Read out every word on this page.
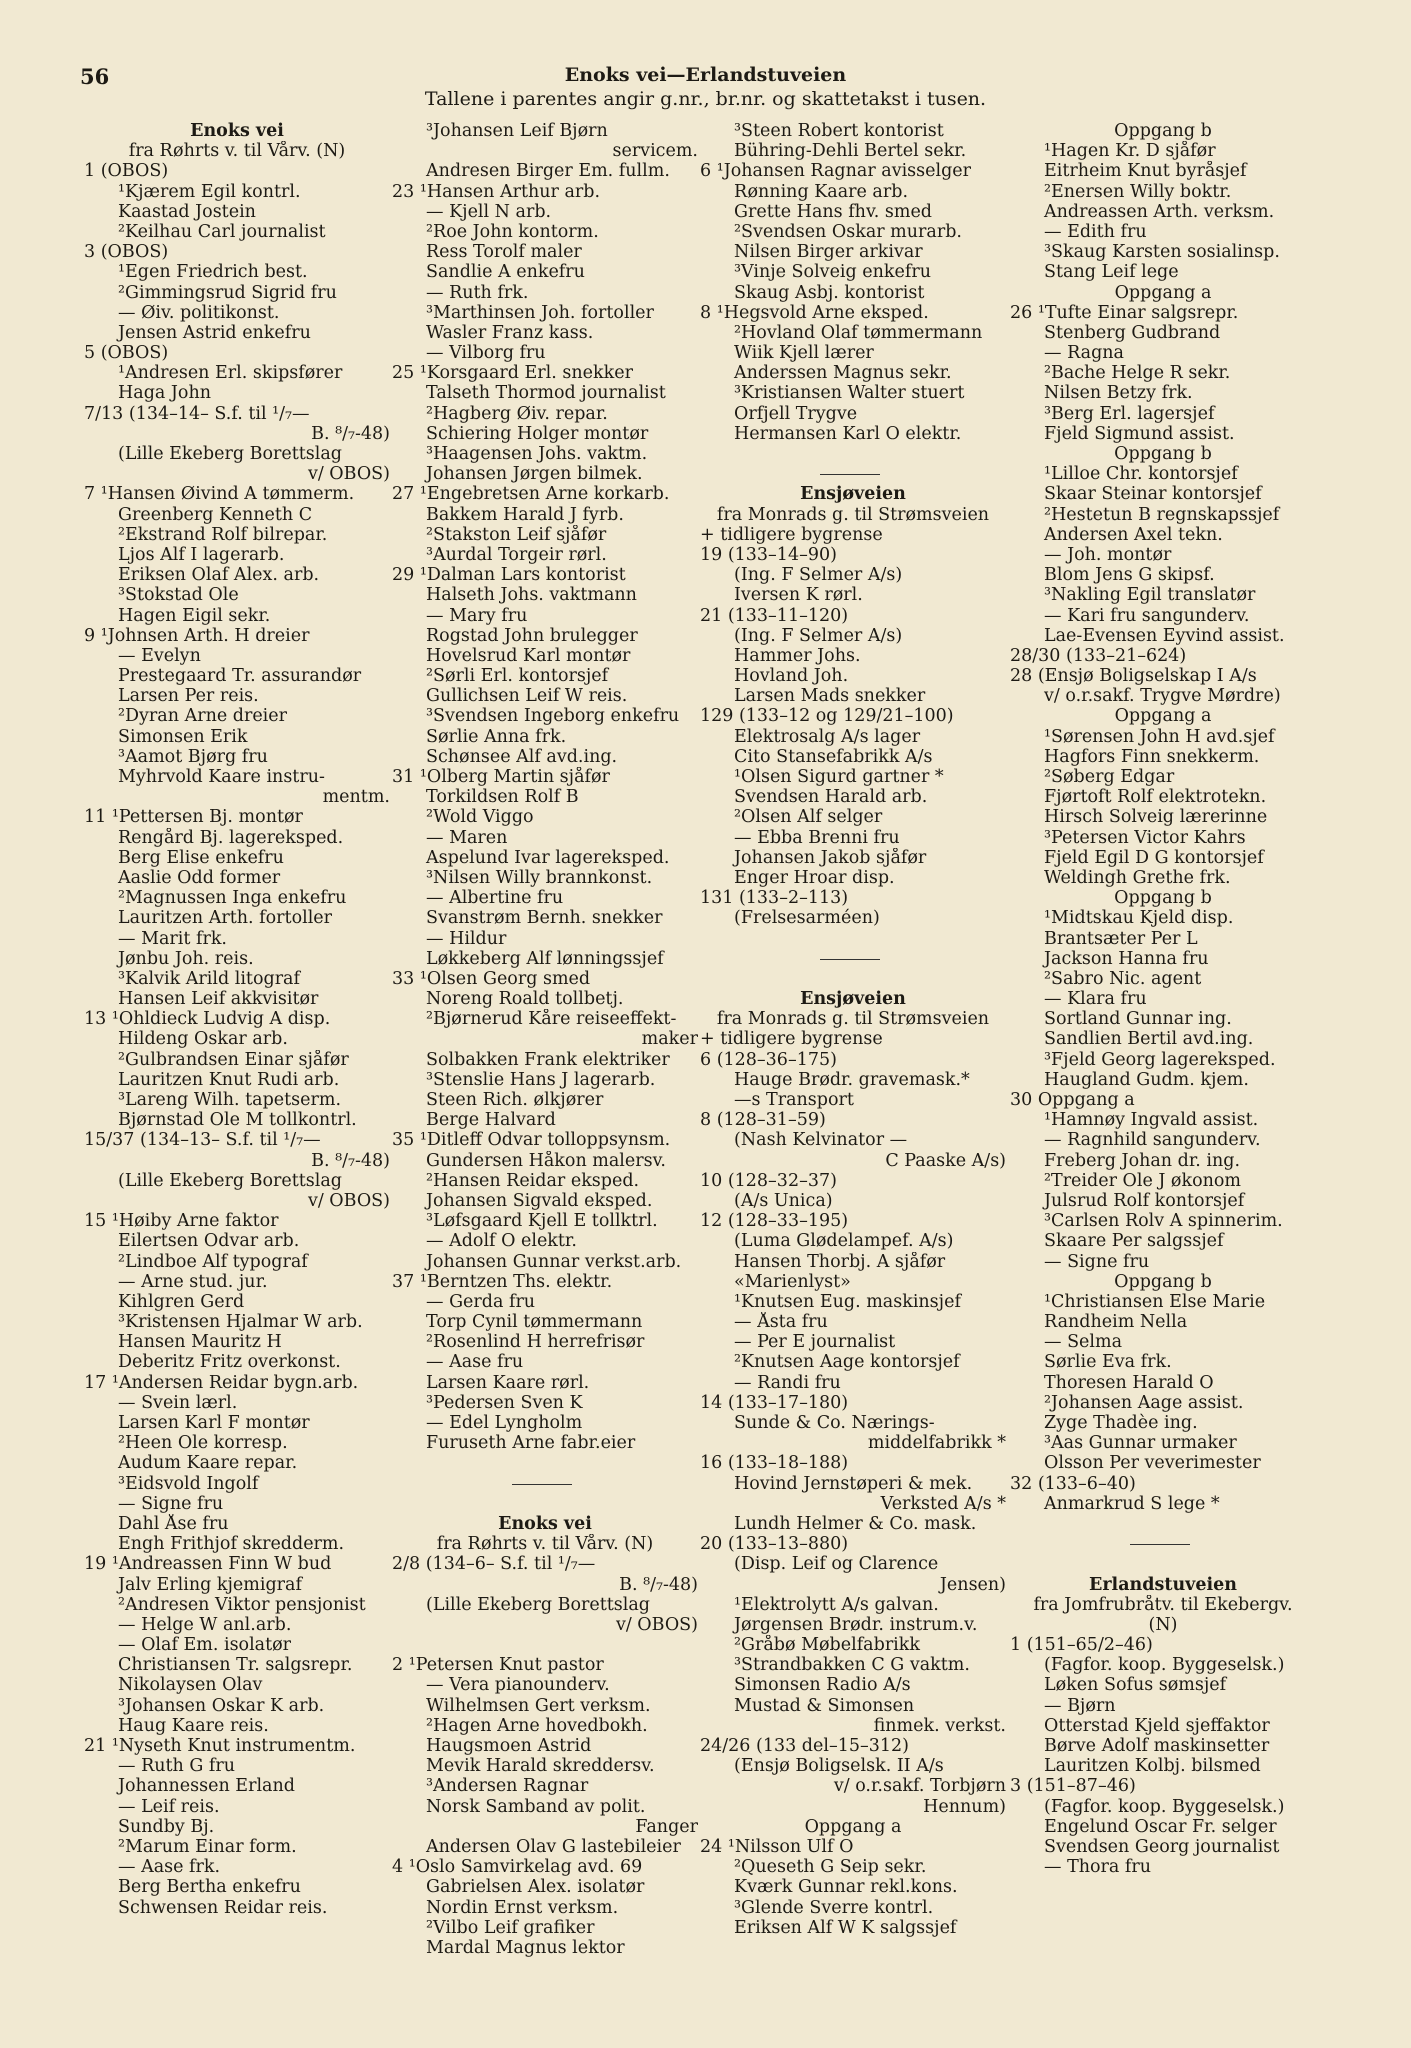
56	Enoks vei—Erlandstuveien
Tallene i parentes angir g.nr., br.nr. og skattetakst i tusen.
Enoks vei
fra Røhrts v. til Vårv. (N)
1 (OBOS)
¹Kjærem Egil kontrl.
Kaastad Jostein
²Keilhau Carl journalist
3 (OBOS)
¹Egen Friedrich best.
²Gimmingsrud Sigrid fru
— Øiv. politikonst.
Jensen Astrid enkefru
5 (OBOS)
¹Andresen Erl. skipsfører
Haga John
7/13 (134–14– S.f. til ¹/₇—
B. ⁸/₇-48)
(Lille Ekeberg Borettslag
v/ OBOS)
7 ¹Hansen Øivind A tømmerm.
Greenberg Kenneth C
²Ekstrand Rolf bilrepar.
Ljos Alf I lagerarb.
Eriksen Olaf Alex. arb.
³Stokstad Ole
Hagen Eigil sekr.
9 ¹Johnsen Arth. H dreier
— Evelyn
Prestegaard Tr. assurandør
Larsen Per reis.
²Dyran Arne dreier
Simonsen Erik
³Aamot Bjørg fru
Myhrvold Kaare instru-
mentm.
11 ¹Pettersen Bj. montør
Rengård Bj. lagereksped.
Berg Elise enkefru
Aaslie Odd former
²Magnussen Inga enkefru
Lauritzen Arth. fortoller
— Marit frk.
Jønbu Joh. reis.
³Kalvik Arild litograf
Hansen Leif akkvisitør
13 ¹Ohldieck Ludvig A disp.
Hildeng Oskar arb.
²Gulbrandsen Einar sjåfør
Lauritzen Knut Rudi arb.
³Lareng Wilh. tapetserm.
Bjørnstad Ole M tollkontrl.
15/37 (134–13– S.f. til ¹/₇—
B. ⁸/₇-48)
(Lille Ekeberg Borettslag
v/ OBOS)
15 ¹Høiby Arne faktor
Eilertsen Odvar arb.
²Lindboe Alf typograf
— Arne stud. jur.
Kihlgren Gerd
³Kristensen Hjalmar W arb.
Hansen Mauritz H
Deberitz Fritz overkonst.
17 ¹Andersen Reidar bygn.arb.
— Svein lærl.
Larsen Karl F montør
²Heen Ole korresp.
Audum Kaare repar.
³Eidsvold Ingolf
— Signe fru
Dahl Åse fru
Engh Frithjof skredderm.
19 ¹Andreassen Finn W bud
Jalv Erling kjemigraf
²Andresen Viktor pensjonist
— Helge W anl.arb.
— Olaf Em. isolatør
Christiansen Tr. salgsrepr.
Nikolaysen Olav
³Johansen Oskar K arb.
Haug Kaare reis.
21 ¹Nyseth Knut instrumentm.
— Ruth G fru
Johannessen Erland
— Leif reis.
Sundby Bj.
²Marum Einar form.
— Aase frk.
Berg Bertha enkefru
Schwensen Reidar reis.
³Johansen Leif Bjørn
servicem.
Andresen Birger Em. fullm.
23 ¹Hansen Arthur arb.
— Kjell N arb.
²Roe John kontorm.
Ress Torolf maler
Sandlie A enkefru
— Ruth frk.
³Marthinsen Joh. fortoller
Wasler Franz kass.
— Vilborg fru
25 ¹Korsgaard Erl. snekker
Talseth Thormod journalist
²Hagberg Øiv. repar.
Schiering Holger montør
³Haagensen Johs. vaktm.
Johansen Jørgen bilmek.
27 ¹Engebretsen Arne korkarb.
Bakkem Harald J fyrb.
²Stakston Leif sjåfør
³Aurdal Torgeir rørl.
29 ¹Dalman Lars kontorist
Halseth Johs. vaktmann
— Mary fru
Rogstad John brulegger
Hovelsrud Karl montør
²Sørli Erl. kontorsjef
Gullichsen Leif W reis.
³Svendsen Ingeborg enkefru
Sørlie Anna frk.
Schønsee Alf avd.ing.
31 ¹Olberg Martin sjåfør
Torkildsen Rolf B
²Wold Viggo
— Maren
Aspelund Ivar lagereksped.
³Nilsen Willy brannkonst.
— Albertine fru
Svanstrøm Bernh. snekker
— Hildur
Løkkeberg Alf lønningssjef
33 ¹Olsen Georg smed
Noreng Roald tollbetj.
²Bjørnerud Kåre reiseeffekt-
maker
Solbakken Frank elektriker
³Stenslie Hans J lagerarb.
Steen Rich. ølkjører
Berge Halvard
35 ¹Ditleff Odvar tolloppsynsm.
Gundersen Håkon malersv.
²Hansen Reidar eksped.
Johansen Sigvald eksped.
³Løfsgaard Kjell E tollktrl.
— Adolf O elektr.
Johansen Gunnar verkst.arb.
37 ¹Berntzen Ths. elektr.
— Gerda fru
Torp Cynil tømmermann
²Rosenlind H herrefrisør
— Aase fru
Larsen Kaare rørl.
³Pedersen Sven K
— Edel Lyngholm
Furuseth Arne fabr.eier
Enoks vei
fra Røhrts v. til Vårv. (N)
2/8 (134–6– S.f. til ¹/₇—
B. ⁸/₇-48)
(Lille Ekeberg Borettslag
v/ OBOS)
2 ¹Petersen Knut pastor
— Vera pianounderv.
Wilhelmsen Gert verksm.
²Hagen Arne hovedbokh.
Haugsmoen Astrid
Mevik Harald skreddersv.
³Andersen Ragnar
Norsk Samband av polit.
Fanger
Andersen Olav G lastebileier
4 ¹Oslo Samvirkelag avd. 69
Gabrielsen Alex. isolatør
Nordin Ernst verksm.
²Vilbo Leif grafiker
Mardal Magnus lektor
³Steen Robert kontorist
Bühring-Dehli Bertel sekr.
6 ¹Johansen Ragnar avisselger
Rønning Kaare arb.
Grette Hans fhv. smed
²Svendsen Oskar murarb.
Nilsen Birger arkivar
³Vinje Solveig enkefru
Skaug Asbj. kontorist
8 ¹Hegsvold Arne eksped.
²Hovland Olaf tømmermann
Wiik Kjell lærer
Anderssen Magnus sekr.
³Kristiansen Walter stuert
Orfjell Trygve
Hermansen Karl O elektr.
Ensjøveien
fra Monrads g. til Strømsveien
+ tidligere bygrense
19 (133–14–90)
(Ing. F Selmer A/s)
Iversen K rørl.
21 (133–11–120)
(Ing. F Selmer A/s)
Hammer Johs.
Hovland Joh.
Larsen Mads snekker
129 (133–12 og 129/21–100)
Elektrosalg A/s lager
Cito Stansefabrikk A/s
¹Olsen Sigurd gartner *
Svendsen Harald arb.
²Olsen Alf selger
— Ebba Brenni fru
Johansen Jakob sjåfør
Enger Hroar disp.
131 (133–2–113)
(Frelsesarméen)
Ensjøveien
fra Monrads g. til Strømsveien
+ tidligere bygrense
6 (128–36–175)
Hauge Brødr. gravemask.*
—s Transport
8 (128–31–59)
(Nash Kelvinator —
C Paaske A/s)
10 (128–32–37)
(A/s Unica)
12 (128–33–195)
(Luma Glødelampef. A/s)
Hansen Thorbj. A sjåfør
«Marienlyst»
¹Knutsen Eug. maskinsjef
— Åsta fru
— Per E journalist
²Knutsen Aage kontorsjef
— Randi fru
14 (133–17–180)
Sunde & Co. Nærings-
middelfabrikk *
16 (133–18–188)
Hovind Jernstøperi & mek.
Verksted A/s *
Lundh Helmer & Co. mask.
20 (133–13–880)
(Disp. Leif og Clarence
Jensen)
¹Elektrolytt A/s galvan.
Jørgensen Brødr. instrum.v.
²Gråbø Møbelfabrikk
³Strandbakken C G vaktm.
Simonsen Radio A/s
Mustad & Simonsen
finmek. verkst.
24/26 (133 del–15–312)
(Ensjø Boligselsk. II A/s
v/ o.r.sakf. Torbjørn
Hennum)
Oppgang a
24 ¹Nilsson Ulf O
²Queseth G Seip sekr.
Kværk Gunnar rekl.kons.
³Glende Sverre kontrl.
Eriksen Alf W K salgssjef
Oppgang b
¹Hagen Kr. D sjåfør
Eitrheim Knut byråsjef
²Enersen Willy boktr.
Andreassen Arth. verksm.
— Edith fru
³Skaug Karsten sosialinsp.
Stang Leif lege
Oppgang a
26 ¹Tufte Einar salgsrepr.
Stenberg Gudbrand
— Ragna
²Bache Helge R sekr.
Nilsen Betzy frk.
³Berg Erl. lagersjef
Fjeld Sigmund assist.
Oppgang b
¹Lilloe Chr. kontorsjef
Skaar Steinar kontorsjef
²Hestetun B regnskapssjef
Andersen Axel tekn.
— Joh. montør
Blom Jens G skipsf.
³Nakling Egil translatør
— Kari fru sangunderv.
Lae-Evensen Eyvind assist.
28/30 (133–21–624)
28 (Ensjø Boligselskap I A/s
v/ o.r.sakf. Trygve Mørdre)
Oppgang a
¹Sørensen John H avd.sjef
Hagfors Finn snekkerm.
²Søberg Edgar
Fjørtoft Rolf elektrotekn.
Hirsch Solveig lærerinne
³Petersen Victor Kahrs
Fjeld Egil D G kontorsjef
Weldingh Grethe frk.
Oppgang b
¹Midtskau Kjeld disp.
Brantsæter Per L
Jackson Hanna fru
²Sabro Nic. agent
— Klara fru
Sortland Gunnar ing.
Sandlien Bertil avd.ing.
³Fjeld Georg lagereksped.
Haugland Gudm. kjem.
30 Oppgang a
¹Hamnøy Ingvald assist.
— Ragnhild sangunderv.
Freberg Johan dr. ing.
²Treider Ole J økonom
Julsrud Rolf kontorsjef
³Carlsen Rolv A spinnerim.
Skaare Per salgssjef
— Signe fru
Oppgang b
¹Christiansen Else Marie
Randheim Nella
— Selma
Sørlie Eva frk.
Thoresen Harald O
²Johansen Aage assist.
Zyge Thadèe ing.
³Aas Gunnar urmaker
Olsson Per veverimester
32 (133–6–40)
Anmarkrud S lege *
Erlandstuveien
fra Jomfrubråtv. til Ekebergv.
(N)
1 (151–65/2–46)
(Fagfor. koop. Byggeselsk.)
Løken Sofus sømsjef
— Bjørn
Otterstad Kjeld sjeffaktor
Børve Adolf maskinsetter
Lauritzen Kolbj. bilsmed
3 (151–87–46)
(Fagfor. koop. Byggeselsk.)
Engelund Oscar Fr. selger
Svendsen Georg journalist
— Thora fru
